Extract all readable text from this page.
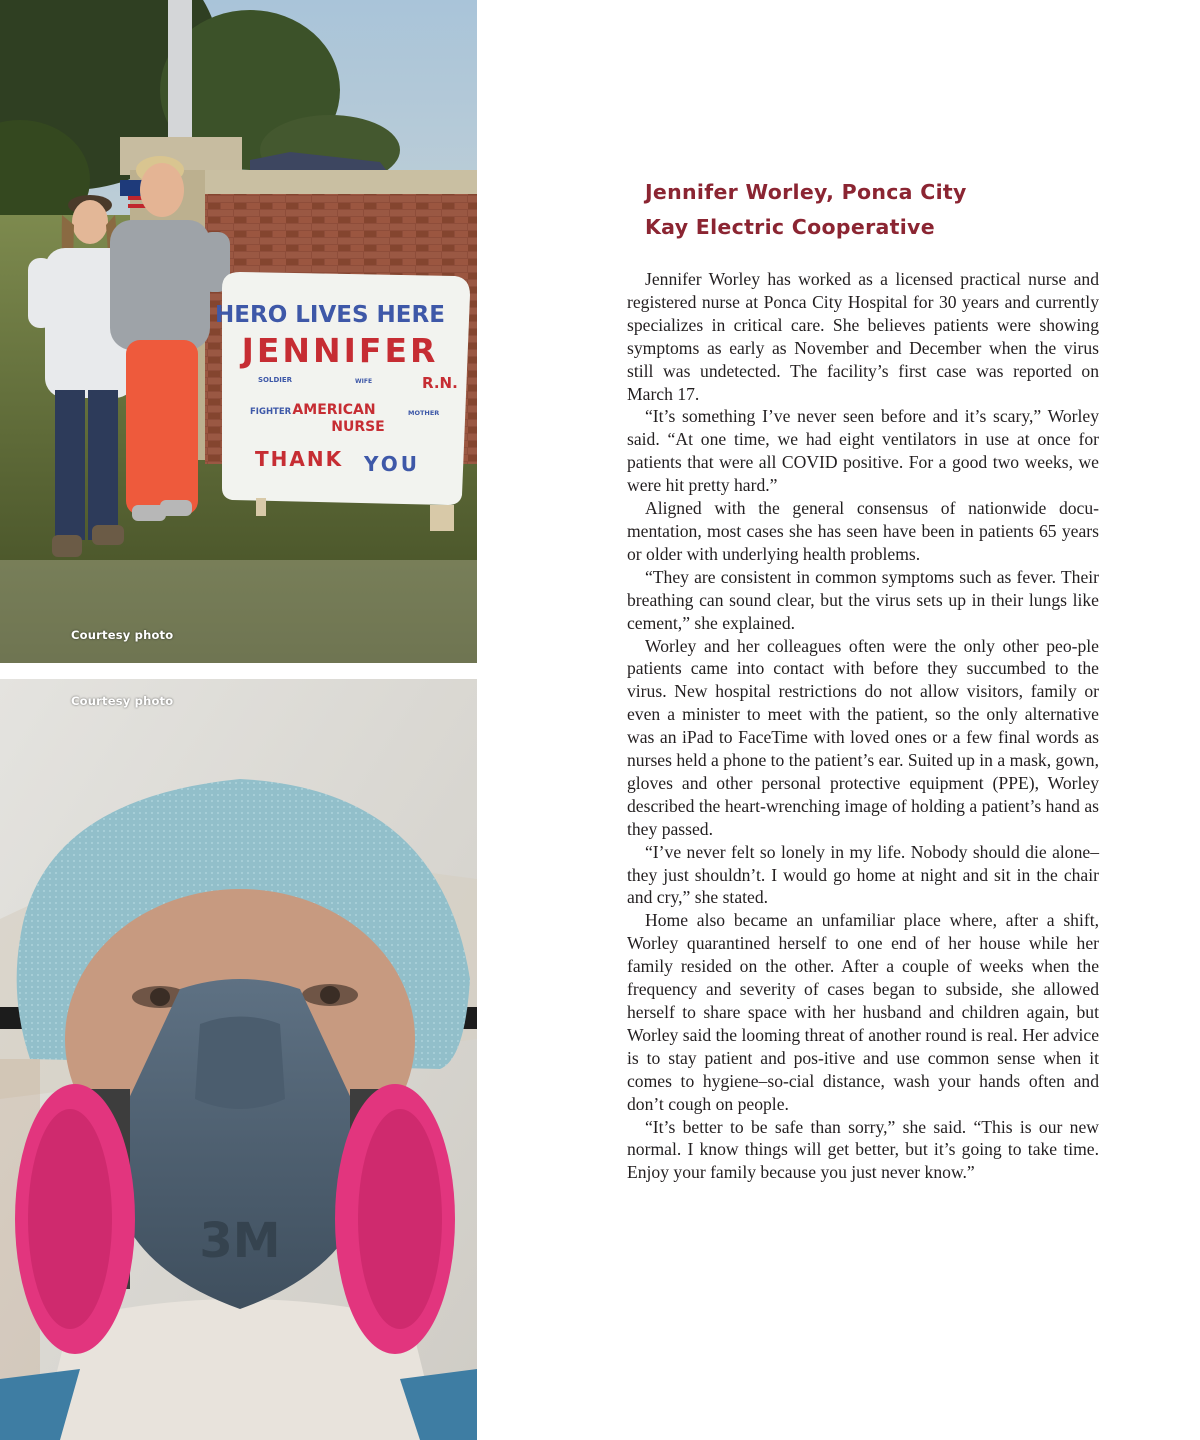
HERO LIVES HERE
JENNIFER
SOLDIER	WIFE	R.N.
FIGHTER	MOTHER
AMERICAN
NURSE
THANK YOU
Courtesy photo
3M
Courtesy photo
Jennifer Worley, Ponca City
Kay Electric Cooperative

Jennifer Worley has worked as a licensed practical nurse and registered nurse at Ponca City Hospital for 30 years and currently specializes in critical care. She believes patients were showing symptoms as early as November and December when the virus still was undetected. The facility’s first case was reported on March 17.

“It’s something I’ve never seen before and it’s scary,” Worley said. “At one time, we had eight ventilators in use at once for patients that were all COVID positive. For a good two weeks, we were hit pretty hard.”

Aligned with the general consensus of nationwide docu-mentation, most cases she has seen have been in patients 65 years or older with underlying health problems.

“They are consistent in common symptoms such as fever. Their breathing can sound clear, but the virus sets up in their lungs like cement,” she explained.

Worley and her colleagues often were the only other peo-ple patients came into contact with before they succumbed to the virus. New hospital restrictions do not allow visitors, family or even a minister to meet with the patient, so the only alternative was an iPad to FaceTime with loved ones or a few final words as nurses held a phone to the patient’s ear. Suited up in a mask, gown, gloves and other personal protective equipment (PPE), Worley described the heart-wrenching image of holding a patient’s hand as they passed.

“I’ve never felt so lonely in my life. Nobody should die alone–they just shouldn’t. I would go home at night and sit in the chair and cry,” she stated.

Home also became an unfamiliar place where, after a shift, Worley quarantined herself to one end of her house while her family resided on the other. After a couple of weeks when the frequency and severity of cases began to subside, she allowed herself to share space with her husband and children again, but Worley said the looming threat of another round is real. Her advice is to stay patient and pos-itive and use common sense when it comes to hygiene–so-cial distance, wash your hands often and don’t cough on people.

“It’s better to be safe than sorry,” she said. “This is our new normal. I know things will get better, but it’s going to take time. Enjoy your family because you just never know.”
